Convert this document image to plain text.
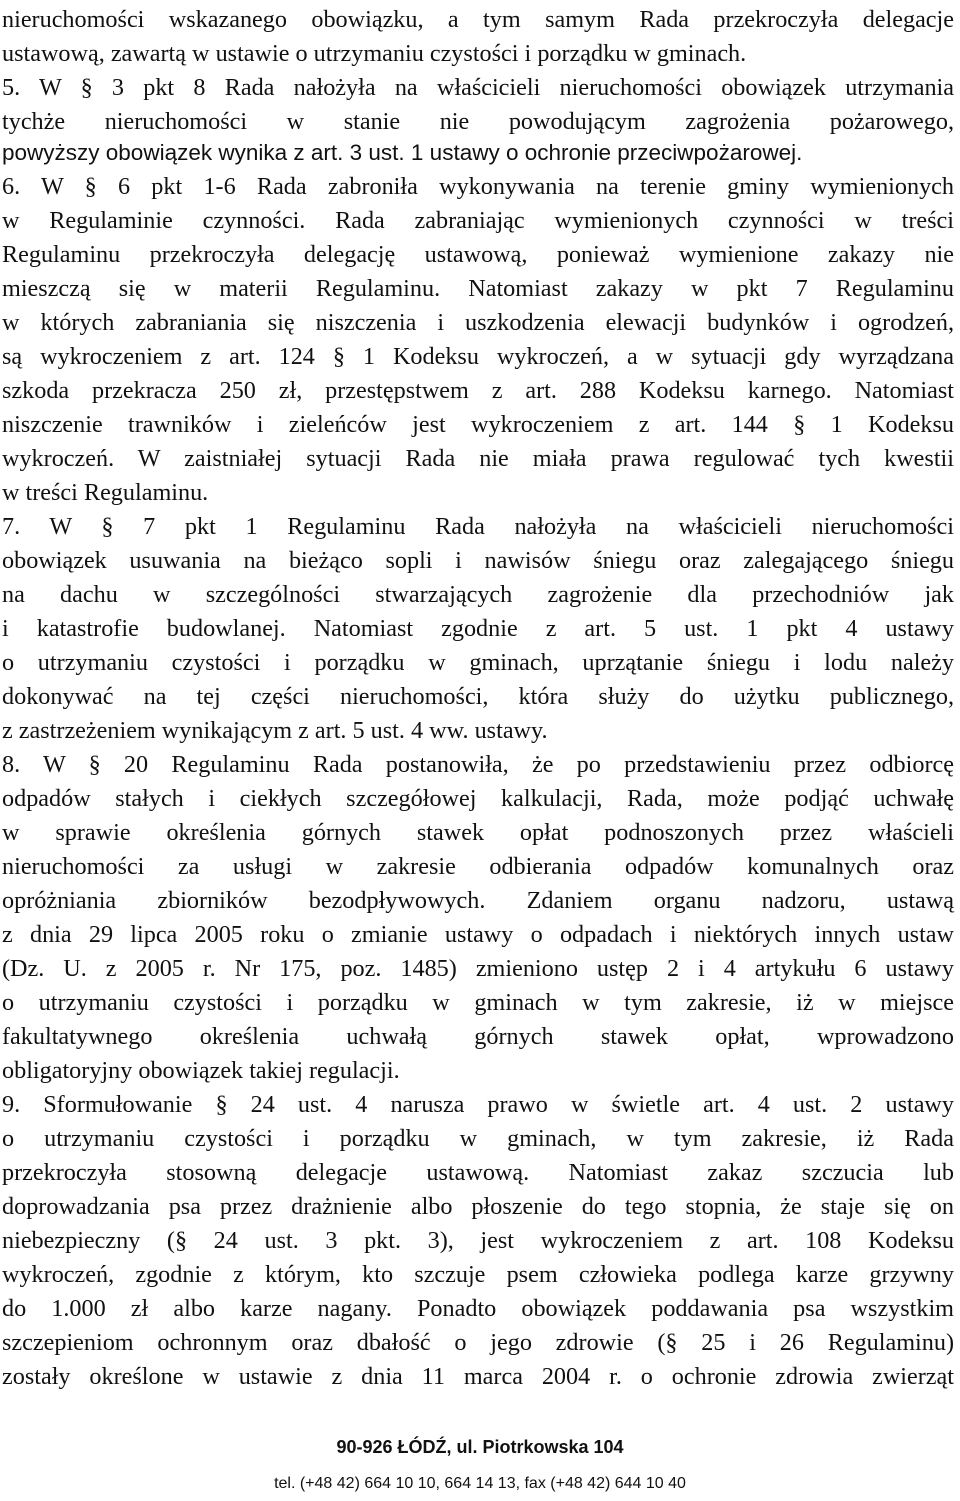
nieruchomości wskazanego obowiązku, a tym samym Rada przekroczyła delegacje
ustawową, zawartą w ustawie o utrzymaniu czystości i porządku w gminach.
5. W § 3 pkt 8 Rada nałożyła na właścicieli nieruchomości obowiązek utrzymania
tychże nieruchomości w stanie nie powodującym zagrożenia pożarowego,
powyższy obowiązek wynika z art. 3 ust. 1 ustawy o ochronie przeciwpożarowej.
6. W § 6 pkt 1-6 Rada zabroniła wykonywania na terenie gminy wymienionych
w Regulaminie czynności. Rada zabraniając wymienionych czynności w treści
Regulaminu przekroczyła delegację ustawową, ponieważ wymienione zakazy nie
mieszczą się w materii Regulaminu. Natomiast zakazy w pkt 7 Regulaminu
w których zabraniania się niszczenia i uszkodzenia elewacji budynków i ogrodzeń,
są wykroczeniem z art. 124 § 1 Kodeksu wykroczeń, a w sytuacji gdy wyrządzana
szkoda przekracza 250 zł, przestępstwem z art. 288 Kodeksu karnego. Natomiast
niszczenie trawników i zieleńców jest wykroczeniem z art. 144 § 1 Kodeksu
wykroczeń. W zaistniałej sytuacji Rada nie miała prawa regulować tych kwestii
w treści Regulaminu.
7. W § 7 pkt 1 Regulaminu Rada nałożyła na właścicieli nieruchomości
obowiązek usuwania na bieżąco sopli i nawisów śniegu oraz zalegającego śniegu
na dachu w szczególności stwarzających zagrożenie dla przechodniów jak
i katastrofie budowlanej. Natomiast zgodnie z art. 5 ust. 1 pkt 4 ustawy
o utrzymaniu czystości i porządku w gminach, uprzątanie śniegu i lodu należy
dokonywać na tej części nieruchomości, która służy do użytku publicznego,
z zastrzeżeniem wynikającym z art. 5 ust. 4 ww. ustawy.
8. W § 20 Regulaminu Rada postanowiła, że po przedstawieniu przez odbiorcę
odpadów stałych i ciekłych szczegółowej kalkulacji, Rada, może podjąć uchwałę
w sprawie określenia górnych stawek opłat podnoszonych przez właścieli
nieruchomości za usługi w zakresie odbierania odpadów komunalnych oraz
opróżniania zbiorników bezodpływowych. Zdaniem organu nadzoru, ustawą
z dnia 29 lipca 2005 roku o zmianie ustawy o odpadach i niektórych innych ustaw
(Dz. U. z 2005 r. Nr 175, poz. 1485) zmieniono ustęp 2 i 4 artykułu 6 ustawy
o utrzymaniu czystości i porządku w gminach w tym zakresie, iż w miejsce
fakultatywnego określenia uchwałą górnych stawek opłat, wprowadzono
obligatoryjny obowiązek takiej regulacji.
9. Sformułowanie § 24 ust. 4 narusza prawo w świetle art. 4 ust. 2 ustawy
o utrzymaniu czystości i porządku w gminach, w tym zakresie, iż Rada
przekroczyła stosowną delegacje ustawową. Natomiast zakaz szczucia lub
doprowadzania psa przez drażnienie albo płoszenie do tego stopnia, że staje się on
niebezpieczny (§ 24 ust. 3 pkt. 3), jest wykroczeniem z art. 108 Kodeksu
wykroczeń, zgodnie z którym, kto szczuje psem człowieka podlega karze grzywny
do 1.000 zł albo karze nagany. Ponadto obowiązek poddawania psa wszystkim
szczepieniom ochronnym oraz dbałość o jego zdrowie (§ 25 i 26 Regulaminu)
zostały określone w ustawie z dnia 11 marca 2004 r. o ochronie zdrowia zwierząt
90-926 ŁÓDŹ, ul. Piotrkowska 104
tel. (+48 42) 664 10 10, 664 14 13, fax (+48 42) 644 10 40
